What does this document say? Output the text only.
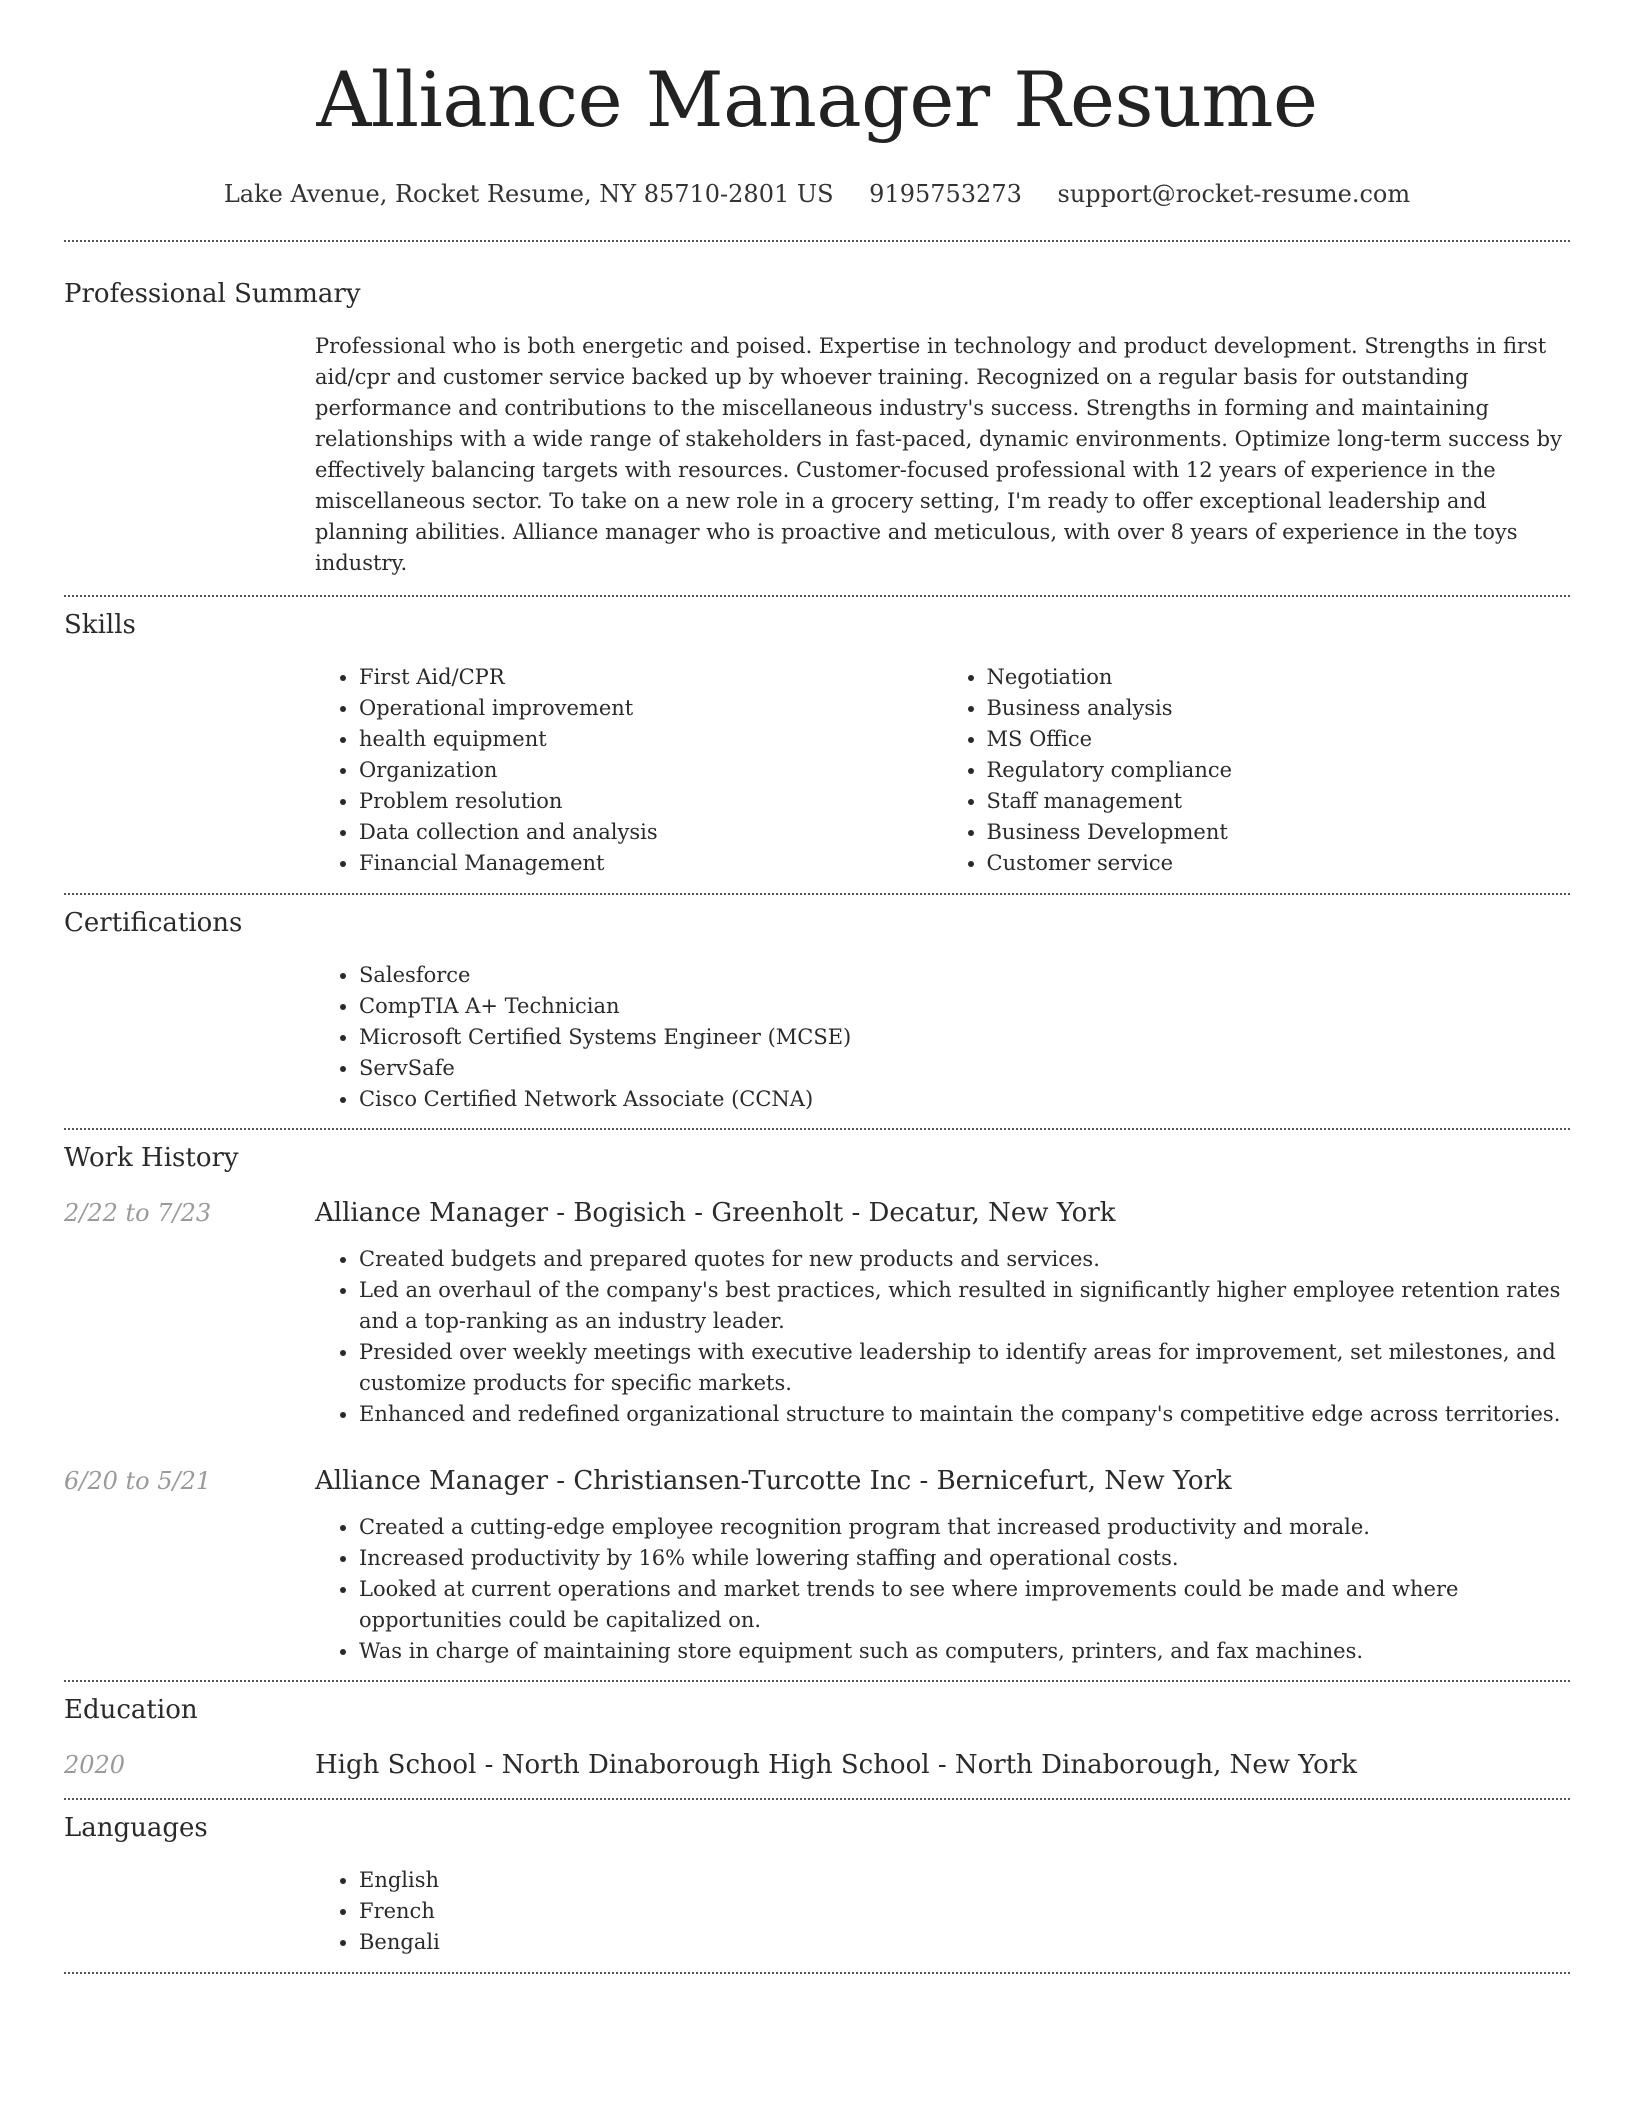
Alliance Manager Resume
Lake Avenue, Rocket Resume, NY 85710-2801 US 9195753273 support@rocket-resume.com
Professional Summary
Professional who is both energetic and poised. Expertise in technology and product development. Strengths in first aid/cpr and customer service backed up by whoever training. Recognized on a regular basis for outstanding performance and contributions to the miscellaneous industry's success. Strengths in forming and maintaining relationships with a wide range of stakeholders in fast-paced, dynamic environments. Optimize long-term success by effectively balancing targets with resources. Customer-focused professional with 12 years of experience in the miscellaneous sector. To take on a new role in a grocery setting, I'm ready to offer exceptional leadership and planning abilities. Alliance manager who is proactive and meticulous, with over 8 years of experience in the toys industry.
Skills
• First Aid/CPR
• Operational improvement
• health equipment
• Organization
• Problem resolution
• Data collection and analysis
• Financial Management
• Negotiation
• Business analysis
• MS Office
• Regulatory compliance
• Staff management
• Business Development
• Customer service
Certifications
• Salesforce
• CompTIA A+ Technician
• Microsoft Certified Systems Engineer (MCSE)
• ServSafe
• Cisco Certified Network Associate (CCNA)
Work History
2/22 to 7/23	Alliance Manager - Bogisich - Greenholt - Decatur, New York
• Created budgets and prepared quotes for new products and services.
• Led an overhaul of the company's best practices, which resulted in significantly higher employee retention rates and a top-ranking as an industry leader.
• Presided over weekly meetings with executive leadership to identify areas for improvement, set milestones, and customize products for specific markets.
• Enhanced and redefined organizational structure to maintain the company's competitive edge across territories.
6/20 to 5/21	Alliance Manager - Christiansen-Turcotte Inc - Bernicefurt, New York
• Created a cutting-edge employee recognition program that increased productivity and morale.
• Increased productivity by 16% while lowering staffing and operational costs.
• Looked at current operations and market trends to see where improvements could be made and where opportunities could be capitalized on.
• Was in charge of maintaining store equipment such as computers, printers, and fax machines.
Education
2020	High School - North Dinaborough High School - North Dinaborough, New York
Languages
• English
• French
• Bengali
